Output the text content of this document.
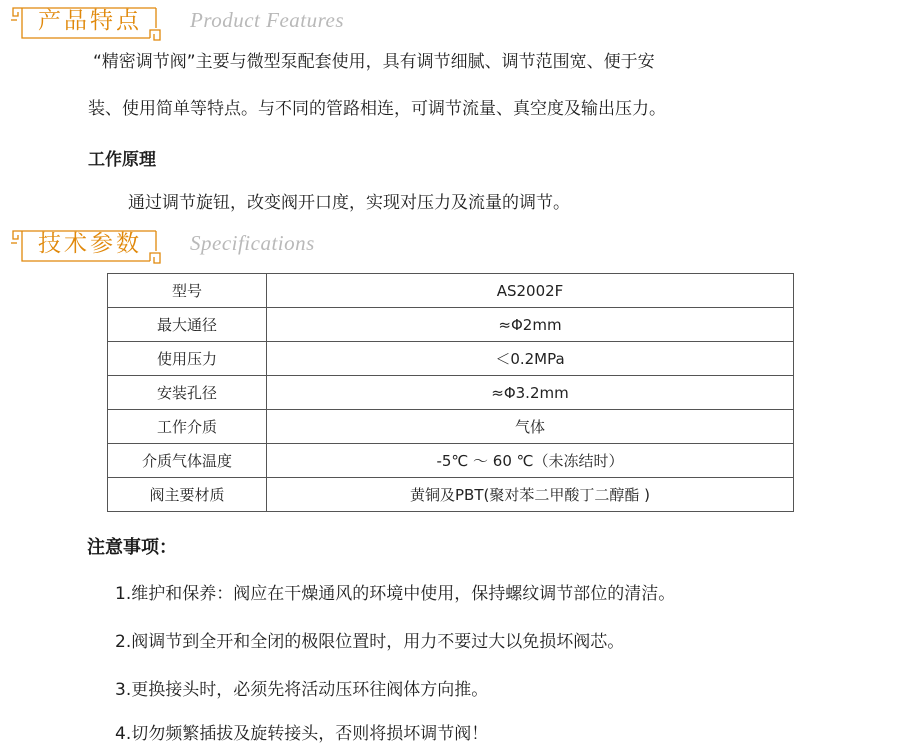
产品特点 Product Features
“精密调节阀”主要与微型泵配套使用，具有调节细腻、调节范围宽、便于安
装、使用简单等特点。与不同的管路相连，可调节流量、真空度及输出压力。
工作原理
通过调节旋钮，改变阀开口度，实现对压力及流量的调节。
技术参数 Specifications
型号	AS2002F
最大通径	≈Φ2mm
使用压力	＜0.2MPa
安装孔径	≈Φ3.2mm
工作介质	气体
介质气体温度	-5℃ ～ 60 ℃（未冻结时）
阀主要材质	黄铜及PBT(聚对苯二甲酸丁二醇酯 )
注意事项：
1.维护和保养：阀应在干燥通风的环境中使用，保持螺纹调节部位的清洁。
2.阀调节到全开和全闭的极限位置时，用力不要过大以免损坏阀芯。
3.更换接头时，必须先将活动压环往阀体方向推。
4.切勿频繁插拔及旋转接头，否则将损坏调节阀！
